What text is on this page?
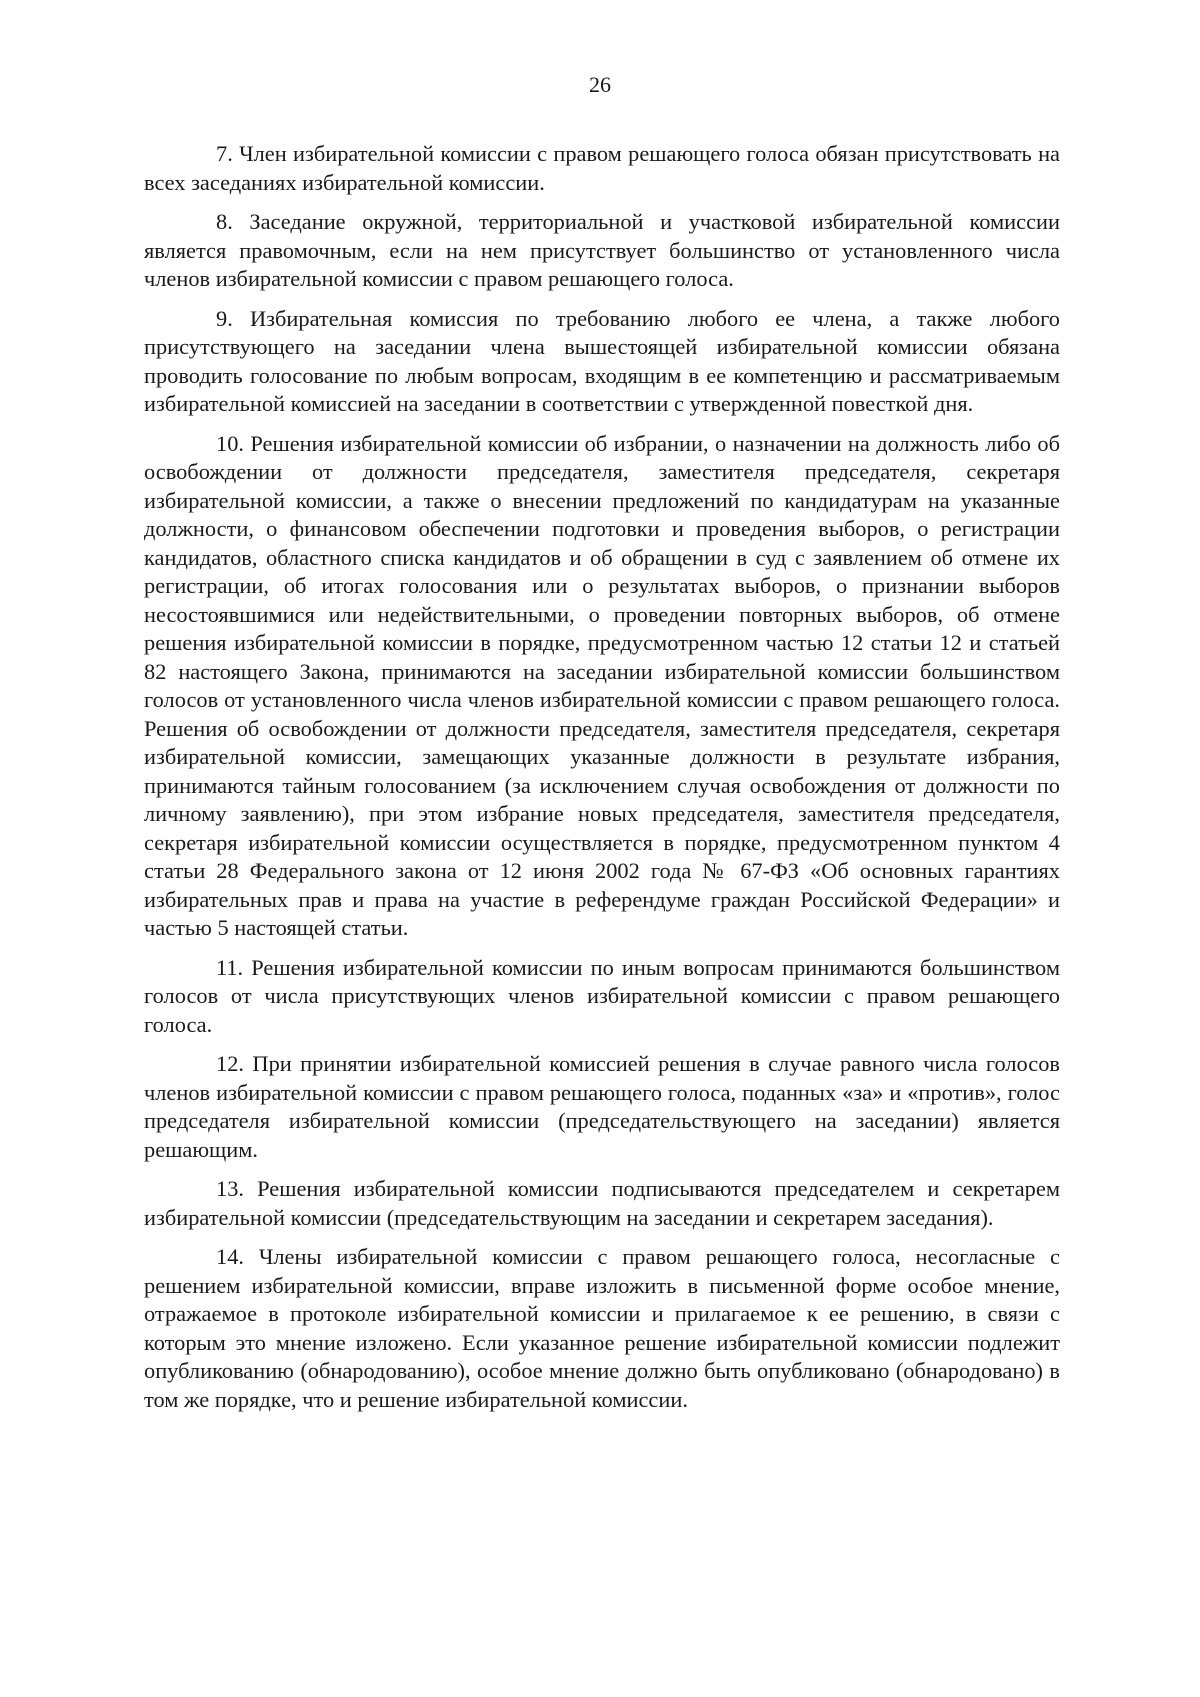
26

7. Член избирательной комиссии с правом решающего голоса обязан присутствовать на всех заседаниях избирательной комиссии.

8. Заседание окружной, территориальной и участковой избирательной комиссии является правомочным, если на нем присутствует большинство от установленного числа членов избирательной комиссии с правом решающего голоса.

9. Избирательная комиссия по требованию любого ее члена, а также любого присутствующего на заседании члена вышестоящей избирательной комиссии обязана проводить голосование по любым вопросам, входящим в ее компетенцию и рассматриваемым избирательной комиссией на заседании в соответствии с утвержденной повесткой дня.

10. Решения избирательной комиссии об избрании, о назначении на должность либо об освобождении от должности председателя, заместителя председателя, секретаря избирательной комиссии, а также о внесении предложений по кандидатурам на указанные должности, о финансовом обеспечении подготовки и проведения выборов, о регистрации кандидатов, областного списка кандидатов и об обращении в суд с заявлением об отмене их регистрации, об итогах голосования или о результатах выборов, о признании выборов несостоявшимися или недействительными, о проведении повторных выборов, об отмене решения избирательной комиссии в порядке, предусмотренном частью 12 статьи 12 и статьей 82 настоящего Закона, принимаются на заседании избирательной комиссии большинством голосов от установленного числа членов избирательной комиссии с правом решающего голоса. Решения об освобождении от должности председателя, заместителя председателя, секретаря избирательной комиссии, замещающих указанные должности в результате избрания, принимаются тайным голосованием (за исключением случая освобождения от должности по личному заявлению), при этом избрание новых председателя, заместителя председателя, секретаря избирательной комиссии осуществляется в порядке, предусмотренном пунктом 4 статьи 28 Федерального закона от 12 июня 2002 года № 67-ФЗ «Об основных гарантиях избирательных прав и права на участие в референдуме граждан Российской Федерации» и частью 5 настоящей статьи.

11. Решения избирательной комиссии по иным вопросам принимаются большинством голосов от числа присутствующих членов избирательной комиссии с правом решающего голоса.

12. При принятии избирательной комиссией решения в случае равного числа голосов членов избирательной комиссии с правом решающего голоса, поданных «за» и «против», голос председателя избирательной комиссии (председательствующего на заседании) является решающим.

13. Решения избирательной комиссии подписываются председателем и секретарем избирательной комиссии (председательствующим на заседании и секретарем заседания).

14. Члены избирательной комиссии с правом решающего голоса, несогласные с решением избирательной комиссии, вправе изложить в письменной форме особое мнение, отражаемое в протоколе избирательной комиссии и прилагаемое к ее решению, в связи с которым это мнение изложено. Если указанное решение избирательной комиссии подлежит опубликованию (обнародованию), особое мнение должно быть опубликовано (обнародовано) в том же порядке, что и решение избирательной комиссии.
